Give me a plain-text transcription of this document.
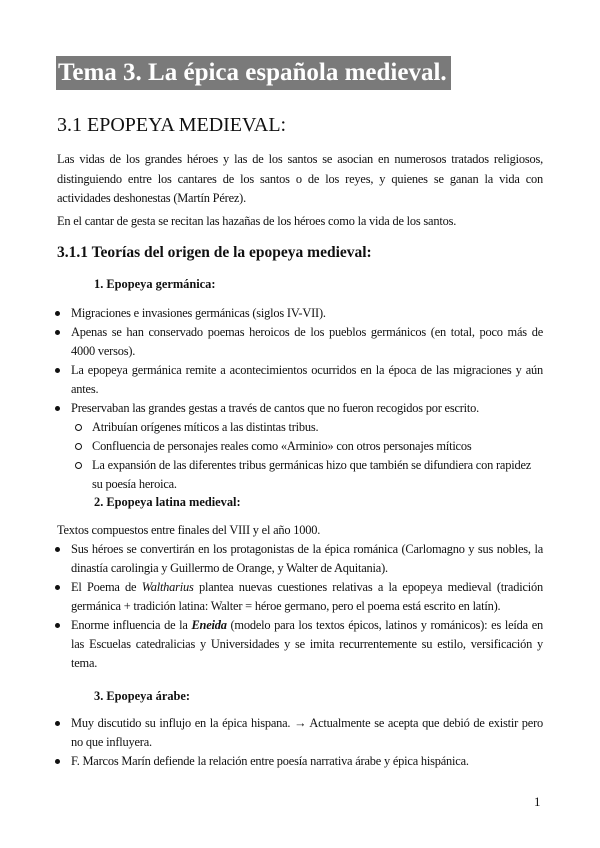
Tema 3. La épica española medieval.
3.1 EPOPEYA MEDIEVAL:

Las vidas de los grandes héroes y las de los santos se asocian en numerosos tratados religiosos, distinguiendo entre los cantares de los santos o de los reyes, y quienes se ganan la vida con actividades deshonestas (Martín Pérez).

En el cantar de gesta se recitan las hazañas de los héroes como la vida de los santos.

3.1.1 Teorías del origen de la epopeya medieval:
1. Epopeya germánica:
Migraciones e invasiones germánicas (siglos IV-VII).
Apenas se han conservado poemas heroicos de los pueblos germánicos (en total, poco más de 4000 versos).
La epopeya germánica remite a acontecimientos ocurridos en la época de las migraciones y aún antes.
Preservaban las grandes gestas a través de cantos que no fueron recogidos por escrito.
Atribuían orígenes míticos a las distintas tribus.
Confluencia de personajes reales como «Arminio» con otros personajes míticos
La expansión de las diferentes tribus germánicas hizo que también se difundiera con rapidez su poesía heroica.
2. Epopeya latina medieval:
Textos compuestos entre finales del VIII y el año 1000.
Sus héroes se convertirán en los protagonistas de la épica románica (Carlomagno y sus nobles, la dinastía carolingia y Guillermo de Orange, y Walter de Aquitania).
El Poema de Waltharius plantea nuevas cuestiones relativas a la epopeya medieval (tradición germánica + tradición latina: Walter = héroe germano, pero el poema está escrito en latín).
Enorme influencia de la Eneida (modelo para los textos épicos, latinos y románicos): es leída en las Escuelas catedralicias y Universidades y se imita recurrentemente su estilo, versificación y tema.
3. Epopeya árabe:
Muy discutido su influjo en la épica hispana. → Actualmente se acepta que debió de existir pero no que influyera.
F. Marcos Marín defiende la relación entre poesía narrativa árabe y épica hispánica.
1
